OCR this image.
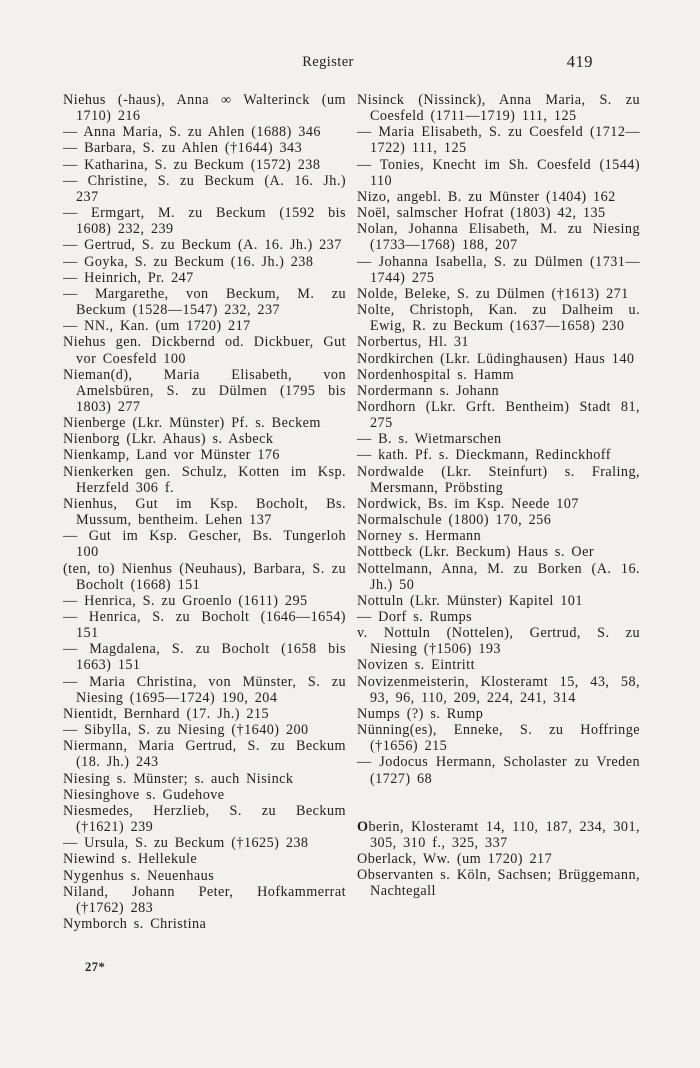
Register	419

Niehus (-haus), Anna ∞ Walterinck (um 1710) 216

— Anna Maria, S. zu Ahlen (1688) 346

— Barbara, S. zu Ahlen (†1644) 343

— Katharina, S. zu Beckum (1572) 238

— Christine, S. zu Beckum (A. 16. Jh.) 237

— Ermgart, M. zu Beckum (1592 bis 1608) 232, 239

— Gertrud, S. zu Beckum (A. 16. Jh.) 237

— Goyka, S. zu Beckum (16. Jh.) 238

— Heinrich, Pr. 247

— Margarethe, von Beckum, M. zu Beckum (1528—1547) 232, 237

— NN., Kan. (um 1720) 217

Niehus gen. Dickbernd od. Dickbuer, Gut vor Coesfeld 100

Nieman(d), Maria Elisabeth, von Amelsbüren, S. zu Dülmen (1795 bis 1803) 277

Nienberge (Lkr. Münster) Pf. s. Beckem

Nienborg (Lkr. Ahaus) s. Asbeck

Nienkamp, Land vor Münster 176

Nienkerken gen. Schulz, Kotten im Ksp. Herzfeld 306 f.

Nienhus, Gut im Ksp. Bocholt, Bs. Mussum, bentheim. Lehen 137

— Gut im Ksp. Gescher, Bs. Tungerloh 100

(ten, to) Nienhus (Neuhaus), Barbara, S. zu Bocholt (1668) 151

— Henrica, S. zu Groenlo (1611) 295

— Henrica, S. zu Bocholt (1646—1654) 151

— Magdalena, S. zu Bocholt (1658 bis 1663) 151

— Maria Christina, von Münster, S. zu Niesing (1695—1724) 190, 204

Nientidt, Bernhard (17. Jh.) 215

— Sibylla, S. zu Niesing (†1640) 200

Niermann, Maria Gertrud, S. zu Beckum (18. Jh.) 243

Niesing s. Münster; s. auch Nisinck

Niesinghove s. Gudehove

Niesmedes, Herzlieb, S. zu Beckum (†1621) 239

— Ursula, S. zu Beckum (†1625) 238

Niewind s. Hellekule

Nygenhus s. Neuenhaus

Niland, Johann Peter, Hofkammerrat (†1762) 283

Nymborch s. Christina

Nisinck (Nissinck), Anna Maria, S. zu Coesfeld (1711—1719) 111, 125

— Maria Elisabeth, S. zu Coesfeld (1712—1722) 111, 125

— Tonies, Knecht im Sh. Coesfeld (1544) 110

Nizo, angebl. B. zu Münster (1404) 162

Noël, salmscher Hofrat (1803) 42, 135

Nolan, Johanna Elisabeth, M. zu Niesing (1733—1768) 188, 207

— Johanna Isabella, S. zu Dülmen (1731—1744) 275

Nolde, Beleke, S. zu Dülmen (†1613) 271

Nolte, Christoph, Kan. zu Dalheim u. Ewig, R. zu Beckum (1637—1658) 230

Norbertus, Hl. 31

Nordkirchen (Lkr. Lüdinghausen) Haus 140

Nordenhospital s. Hamm

Nordermann s. Johann

Nordhorn (Lkr. Grft. Bentheim) Stadt 81, 275

— B. s. Wietmarschen

— kath. Pf. s. Dieckmann, Redinckhoff

Nordwalde (Lkr. Steinfurt) s. Fraling, Mersmann, Pröbsting

Nordwick, Bs. im Ksp. Neede 107

Normalschule (1800) 170, 256

Norney s. Hermann

Nottbeck (Lkr. Beckum) Haus s. Oer

Nottelmann, Anna, M. zu Borken (A. 16. Jh.) 50

Nottuln (Lkr. Münster) Kapitel 101

— Dorf s. Rumps

v. Nottuln (Nottelen), Gertrud, S. zu Niesing (†1506) 193

Novizen s. Eintritt

Novizenmeisterin, Klosteramt 15, 43, 58, 93, 96, 110, 209, 224, 241, 314

Numps (?) s. Rump

Nünning(es), Enneke, S. zu Hoffringe (†1656) 215

— Jodocus Hermann, Scholaster zu Vreden (1727) 68

Oberin, Klosteramt 14, 110, 187, 234, 301, 305, 310 f., 325, 337

Oberlack, Ww. (um 1720) 217

Observanten s. Köln, Sachsen; Brüggemann, Nachtegall

27*
